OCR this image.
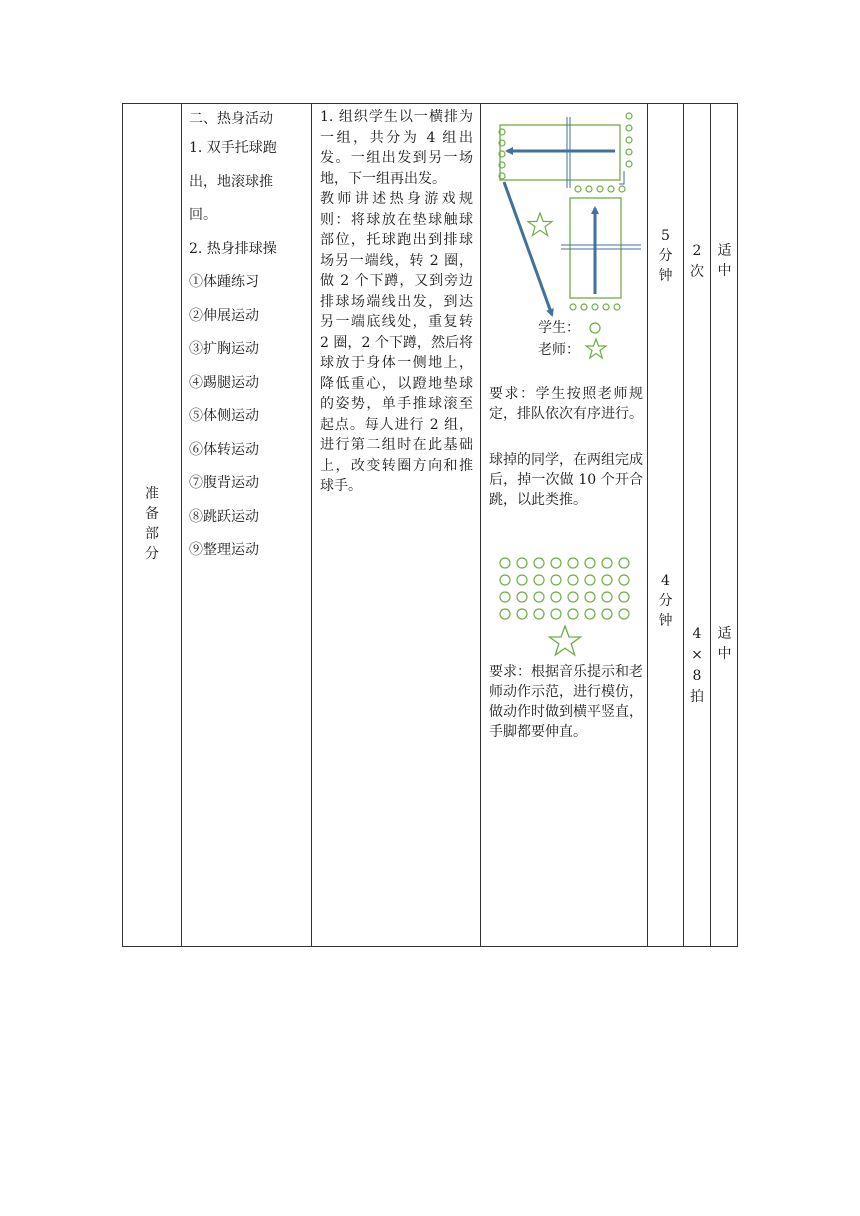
准
备
部
分
二、热身活动
1. 双手托球跑
出，地滚球推
回。
2. 热身排球操
①体踵练习
②伸展运动
③扩胸运动
④踢腿运动
⑤体侧运动
⑥体转运动
⑦腹背运动
⑧跳跃运动
⑨整理运动

1. 组织学生以一横排为一组，共分为 4 组出发。一组出发到另一场地，下一组再出发。

教师讲述热身游戏规则：将球放在垫球触球部位，托球跑出到排球场另一端线，转 2 圈，做 2 个下蹲，又到旁边排球场端线出发，到达另一端底线处，重复转 2 圈，2 个下蹲，然后将球放于身体一侧地上，降低重心，以蹬地垫球的姿势，单手推球滚至起点。每人进行 2 组，进行第二组时在此基础上，改变转圈方向和推球手。

学生：
老师：
要求：学生按照老师规定，排队依次有序进行。
球掉的同学，在两组完成后，掉一次做 10 个开合跳，以此类推。
要求：根据音乐提示和老师动作示范，进行模仿，做动作时做到横平竖直，手脚都要伸直。
5
分
钟
4
分
钟
2
次
4
×
8
拍
适
中
适
中
